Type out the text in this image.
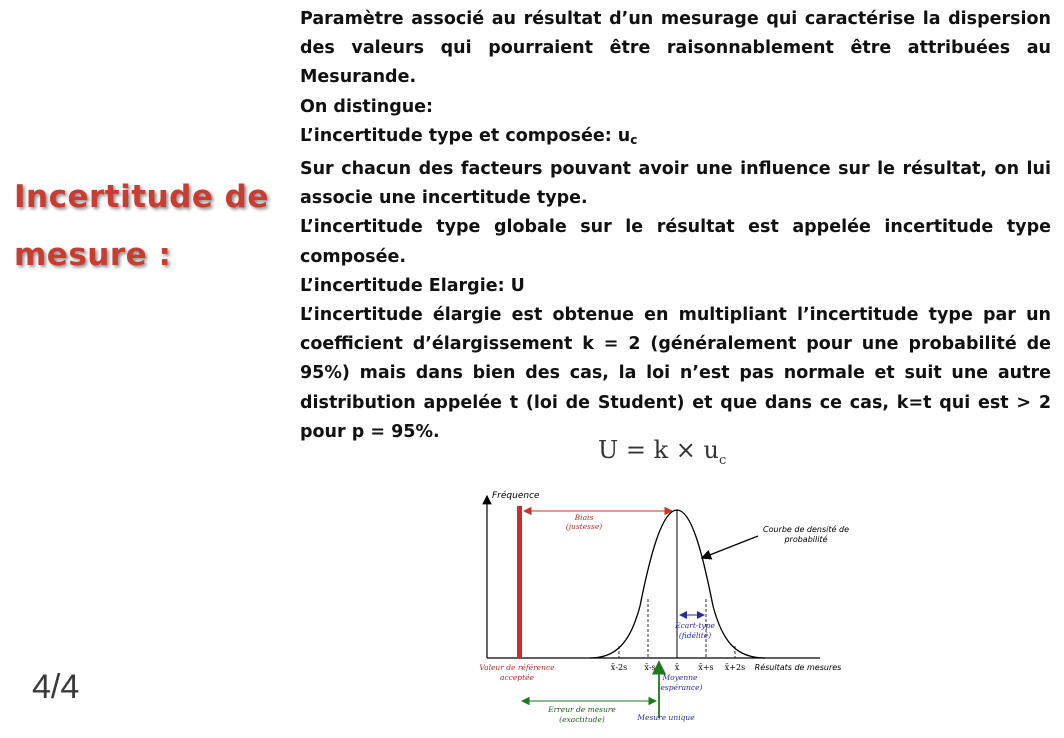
Incertitude de
mesure :
4/4

Paramètre associé au résultat d’un mesurage qui caractérise la dispersion

des valeurs qui pourraient être raisonnablement être attribuées au

Mesurande.

On distingue:

L’incertitude type et composée: $u_c$

Sur chacun des facteurs pouvant avoir une influence sur le résultat, on lui

associe une incertitude type.

L’incertitude type globale sur le résultat est appelée incertitude type

composée.

L’incertitude Elargie: U

L’incertitude élargie est obtenue en multipliant l’incertitude type par un

coefficient d’élargissement k = 2 (généralement pour une probabilité de

95%) mais dans bien des cas, la loi n’est pas normale et suit une autre

distribution appelée t (loi de Student) et que dans ce cas, k=t qui est > 2

pour p = 95%.

$U = k \times u_c$
Fréquence
Biais
(justesse)	Courbe de densité de
probabilité
Ecart-type
(fidélité)
x̄-2s x̄-s x̄ x̄+s x̄+2s Résultats de mesures
Valeur de référence
acceptée	Moyenne
(espérance)
Mesure unique
Erreur de mesure
(exactitude)
